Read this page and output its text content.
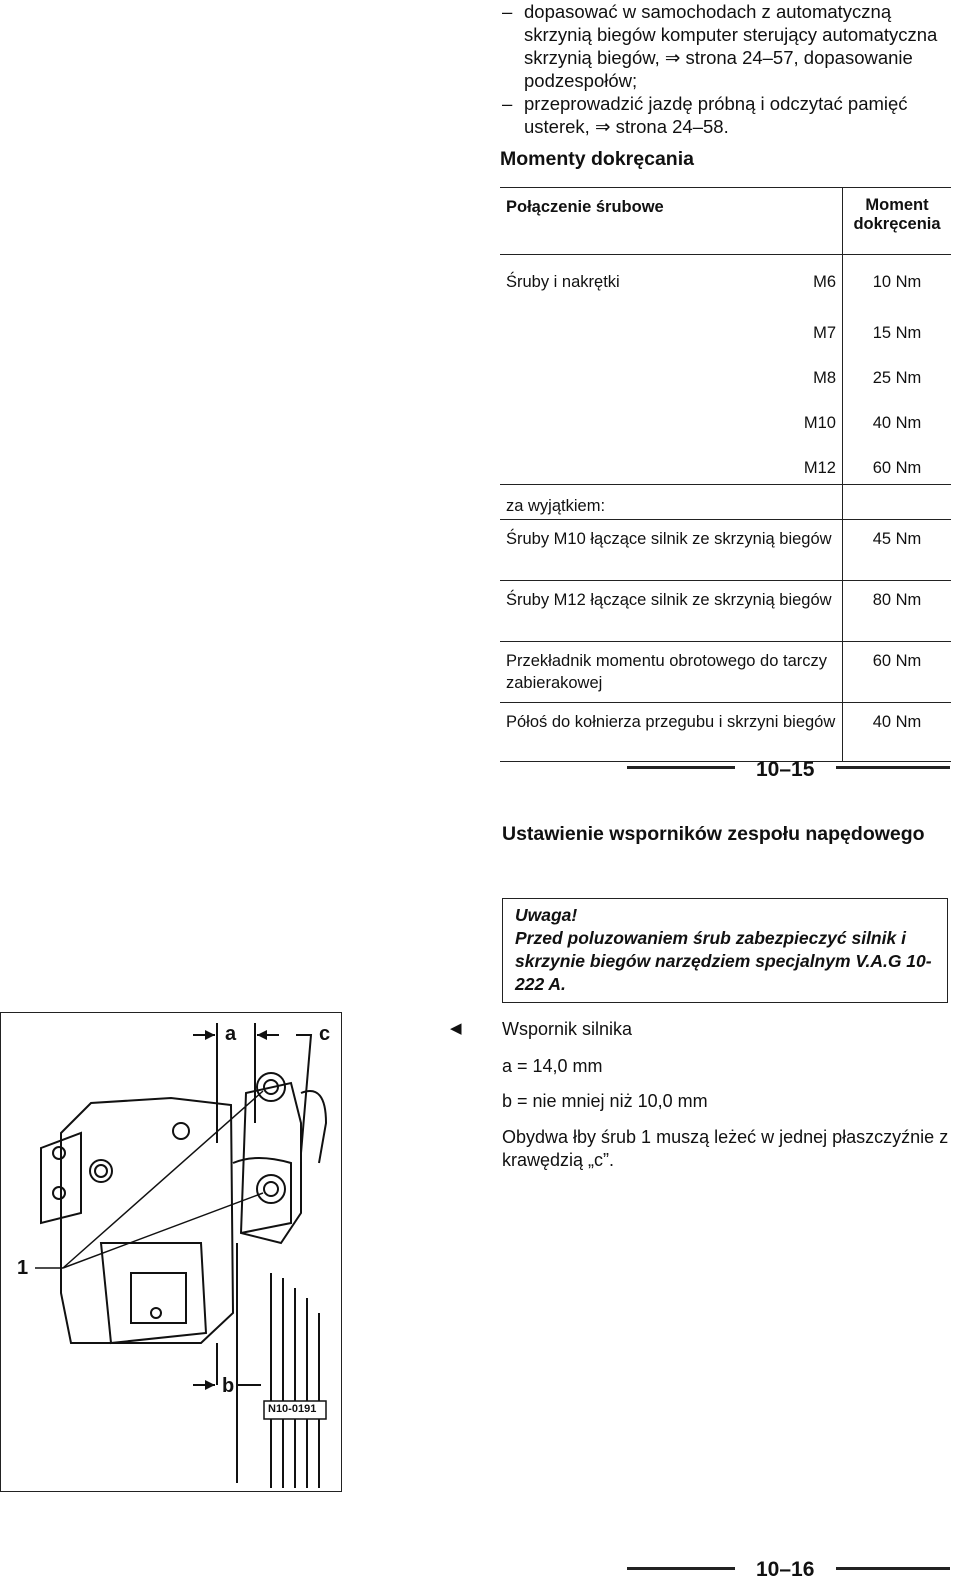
– dopasować w samochodach z automatyczną skrzynią biegów komputer sterujący automatyczna skrzynią biegów, ⇒ strona 24–57, dopasowanie podzespołów;
– przeprowadzić jazdę próbną i odczytać pamięć usterek, ⇒ strona 24–58.
Momenty dokręcania
Połączenie śrubowe		Moment dokręcenia
Śruby i nakrętki	M6	10 Nm
	M7	15 Nm
	M8	25 Nm
	M10	40 Nm
	M12	60 Nm
za wyjątkiem:		
Śruby M10 łączące silnik ze skrzynią biegów		45 Nm
Śruby M12 łączące silnik ze skrzynią biegów		80 Nm
Przekładnik momentu obrotowego do tarczy zabierakowej		60 Nm
Półoś do kołnierza przegubu i skrzyni biegów		40 Nm
10–15
Ustawienie wsporników zespołu napędowego
Uwaga!
Przed poluzowaniem śrub zabezpieczyć silnik i skrzynie biegów narzędziem specjalnym V.A.G 10-222 A.
◀ Wspornik silnika
a = 14,0 mm
b = nie mniej niż 10,0 mm
Obydwa łby śrub 1 muszą leżeć w jednej płaszczyźnie z krawędzią „c”.
a	c
1
b
N10-0191
10–16
